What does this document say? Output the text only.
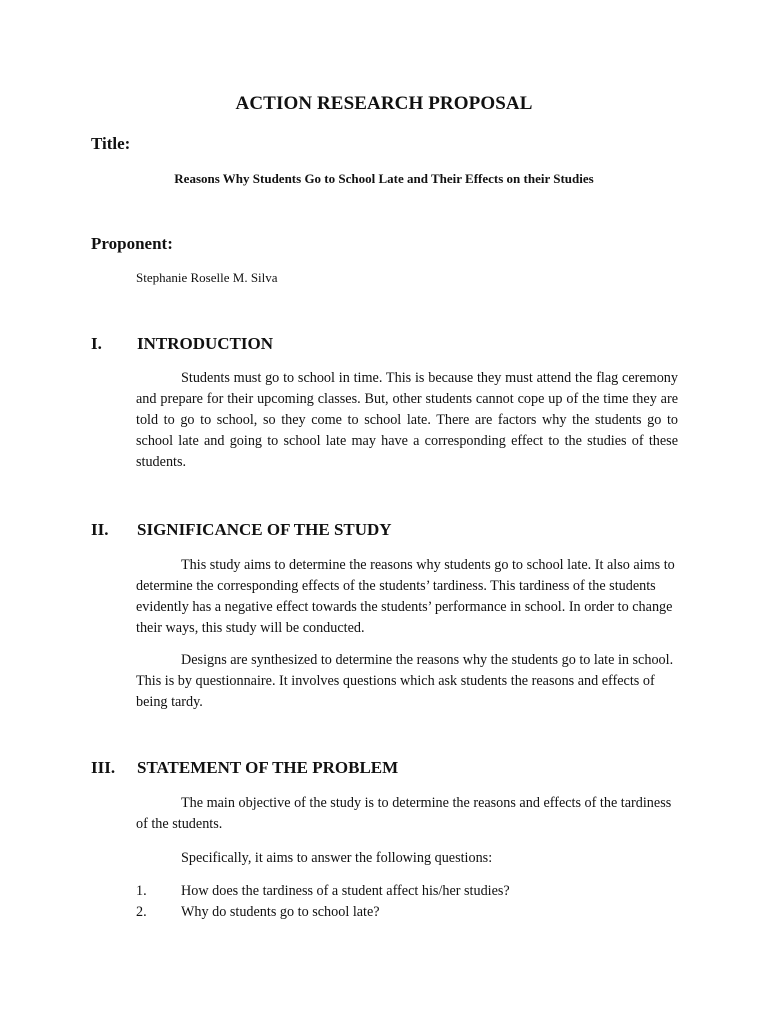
ACTION RESEARCH PROPOSAL
Title:
Reasons Why Students Go to School Late and Their Effects on their Studies
Proponent:
Stephanie Roselle M. Silva
I. INTRODUCTION

Students must go to school in time. This is because they must attend the flag ceremony and prepare for their upcoming classes. But, other students cannot cope up of the time they are told to go to school, so they come to school late. There are factors why the students go to school late and going to school late may have a corresponding effect to the studies of these students.

II. SIGNIFICANCE OF THE STUDY

This study aims to determine the reasons why students go to school late. It also aims to determine the corresponding effects of the students’ tardiness. This tardiness of the students evidently has a negative effect towards the students’ performance in school. In order to change their ways, this study will be conducted.

Designs are synthesized to determine the reasons why the students go to late in school. This is by questionnaire. It involves questions which ask students the reasons and effects of being tardy.

III. STATEMENT OF THE PROBLEM

The main objective of the study is to determine the reasons and effects of the tardiness of the students.

Specifically, it aims to answer the following questions:

1.	How does the tardiness of a student affect his/her studies?
2.	Why do students go to school late?
